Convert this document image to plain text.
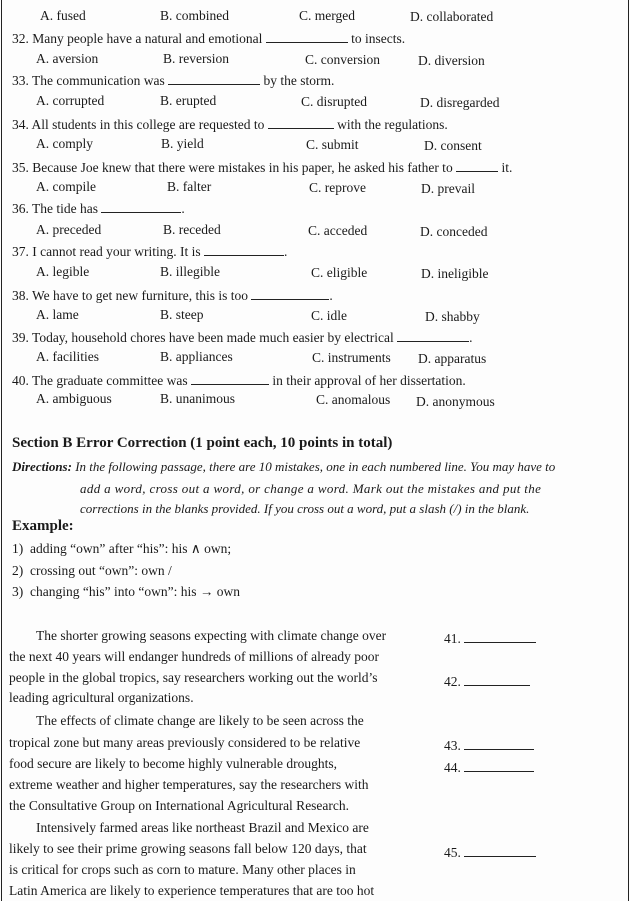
A. fused	B. combined	C. merged	D. collaborated
32. Many people have a natural and emotional	to insects.
A. aversion	B. reversion	C. conversion	D. diversion
33. The communication was	by the storm.
A. corrupted	B. erupted	C. disrupted	D. disregarded
34. All students in this college are requested to	with the regulations.
A. comply	B. yield	C. submit	D. consent
35. Because Joe knew that there were mistakes in his paper, he asked his father to	it.
A. compile	B. falter	C. reprove	D. prevail
36. The tide has	.
A. preceded	B. receded	C. acceded	D. conceded
37. I cannot read your writing. It is	.
A. legible	B. illegible	C. eligible	D. ineligible
38. We have to get new furniture, this is too	.
A. lame	B. steep	C. idle	D. shabby
39. Today, household chores have been made much easier by electrical	.
A. facilities	B. appliances	C. instruments D. apparatus
40. The graduate committee was	in their approval of her dissertation.
A. ambiguous	B. unanimous	C. anomalous D. anonymous
Section B Error Correction (1 point each, 10 points in total)
Directions: In the following passage, there are 10 mistakes, one in each numbered line. You may have to
add a word, cross out a word, or change a word. Mark out the mistakes and put the
corrections in the blanks provided. If you cross out a word, put a slash (/) in the blank.
Example:
1) adding “own” after “his”: his ∧ own;
2) crossing out “own”: own /
3) changing “his” into “own”: his → own
The shorter growing seasons expecting with climate change over
the next 40 years will endanger hundreds of millions of already poor
people in the global tropics, say researchers working out the world’s
leading agricultural organizations.
The effects of climate change are likely to be seen across the
tropical zone but many areas previously considered to be relative
food secure are likely to become highly vulnerable droughts,
extreme weather and higher temperatures, say the researchers with
the Consultative Group on International Agricultural Research.
Intensively farmed areas like northeast Brazil and Mexico are
likely to see their prime growing seasons fall below 120 days, that
is critical for crops such as corn to mature. Many other places in
Latin America are likely to experience temperatures that are too hot
41.
42.
43.
44.
45.
